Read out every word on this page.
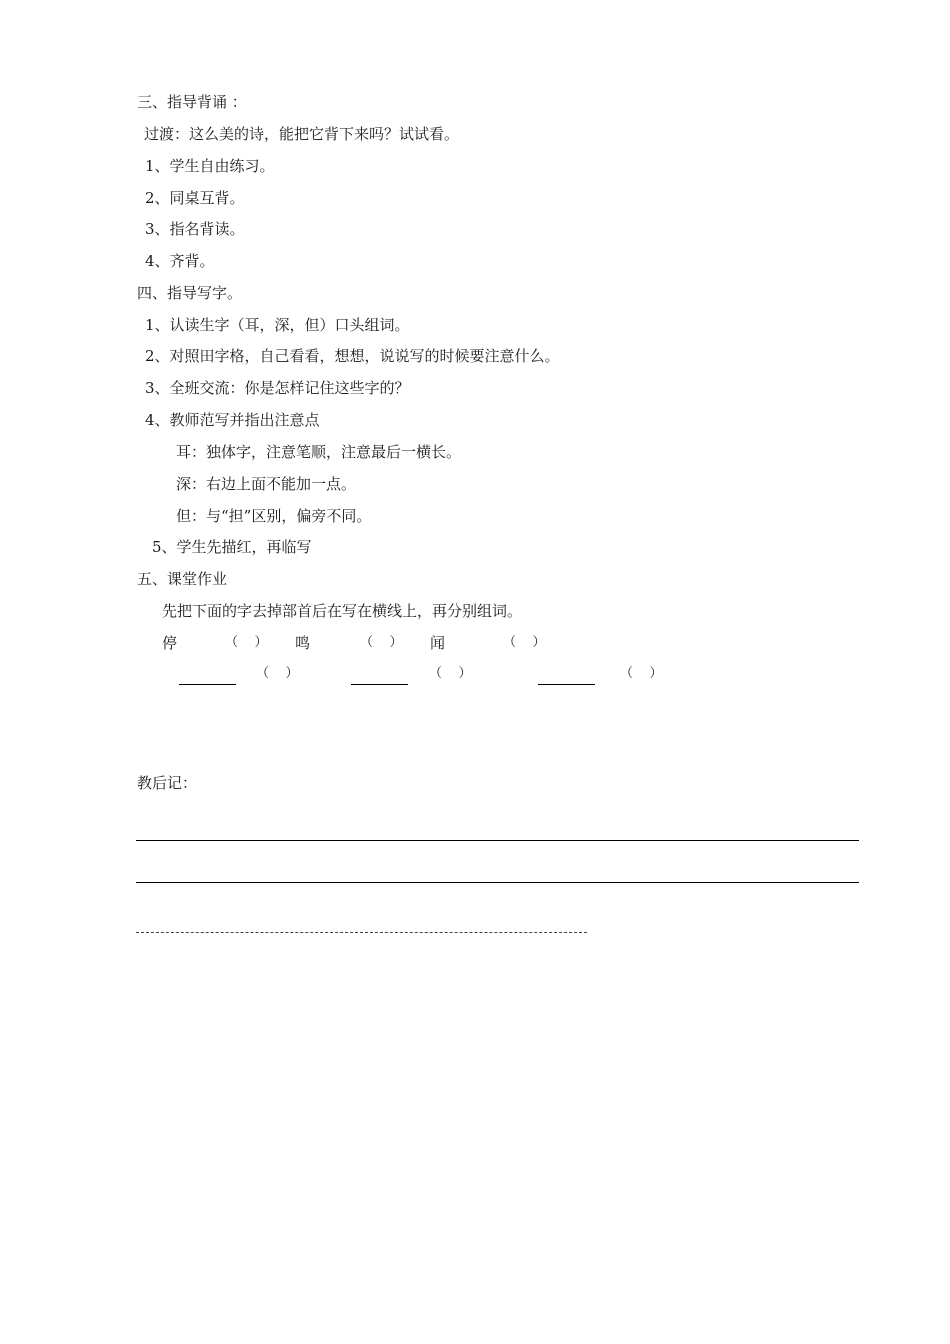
三、指导背诵 ：
过渡：这么美的诗，能把它背下来吗？试试看。
1、学生自由练习。
2、同桌互背。
3、指名背读。
4、齐背。
四、指导写字。
1、认读生字（耳，深，但）口头组词。
2、对照田字格，自己看看，想想，说说写的时候要注意什么。
3、全班交流：你是怎样记住这些字的？
4、教师范写并指出注意点
耳：独体字，注意笔顺，注意最后一横长。
深：右边上面不能加一点。
但：与“担”区别，偏旁不同。
5、学生先描红，再临写
五、课堂作业
先把下面的字去掉部首后在写在横线上，再分别组词。
停	（    ） 鸣	（    ） 闻	（    ）
（    ）	（    ）	（    ）
教后记：
